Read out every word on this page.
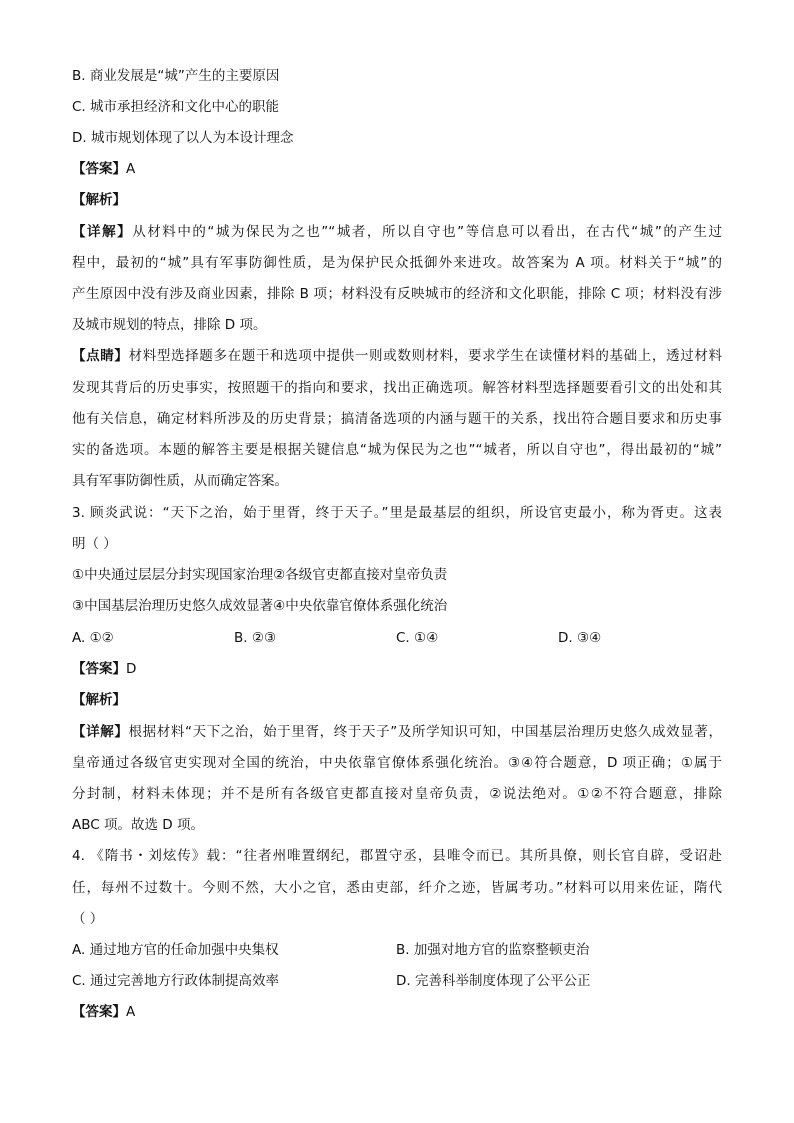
B. 商业发展是“城”产生的主要原因
C. 城市承担经济和文化中心的职能
D. 城市规划体现了以人为本设计理念
【答案】A
【解析】
【详解】从材料中的“城为保民为之也”“城者，所以自守也”等信息可以看出，在古代“城”的产生过
程中，最初的“城”具有军事防御性质，是为保护民众抵御外来进攻。故答案为 A 项。材料关于“城”的
产生原因中没有涉及商业因素，排除 B 项；材料没有反映城市的经济和文化职能，排除 C 项；材料没有涉
及城市规划的特点，排除 D 项。
【点睛】材料型选择题多在题干和选项中提供一则或数则材料，要求学生在读懂材料的基础上，透过材料
发现其背后的历史事实，按照题干的指向和要求，找出正确选项。解答材料型选择题要看引文的出处和其
他有关信息，确定材料所涉及的历史背景；搞清备选项的内涵与题干的关系，找出符合题目要求和历史事
实的备选项。本题的解答主要是根据关键信息“城为保民为之也”“城者，所以自守也”，得出最初的“城”
具有军事防御性质，从而确定答案。
3. 顾炎武说：“天下之治，始于里胥，终于天子。”里是最基层的组织，所设官吏最小，称为胥吏。这表
明（ ）
①中央通过层层分封实现国家治理②各级官吏都直接对皇帝负责
③中国基层治理历史悠久成效显著④中央依靠官僚体系强化统治
A. ①②	B. ②③	C. ①④	D. ③④
【答案】D
【解析】
【详解】根据材料“天下之治，始于里胥，终于天子”及所学知识可知，中国基层治理历史悠久成效显著，
皇帝通过各级官吏实现对全国的统治，中央依靠官僚体系强化统治。③④符合题意，D 项正确；①属于
分封制，材料未体现；并不是所有各级官吏都直接对皇帝负责，②说法绝对。①②不符合题意，排除
ABC 项。故选 D 项。
4. 《隋书・刘炫传》载：“往者州唯置纲纪，郡置守丞，县唯令而已。其所具僚，则长官自辟，受诏赴
任，每州不过数十。今则不然，大小之官，悉由吏部，纤介之迹，皆属考功。”材料可以用来佐证，隋代
（ ）
A. 通过地方官的任命加强中央集权	B. 加强对地方官的监察整顿吏治
C. 通过完善地方行政体制提高效率	D. 完善科举制度体现了公平公正
【答案】A
